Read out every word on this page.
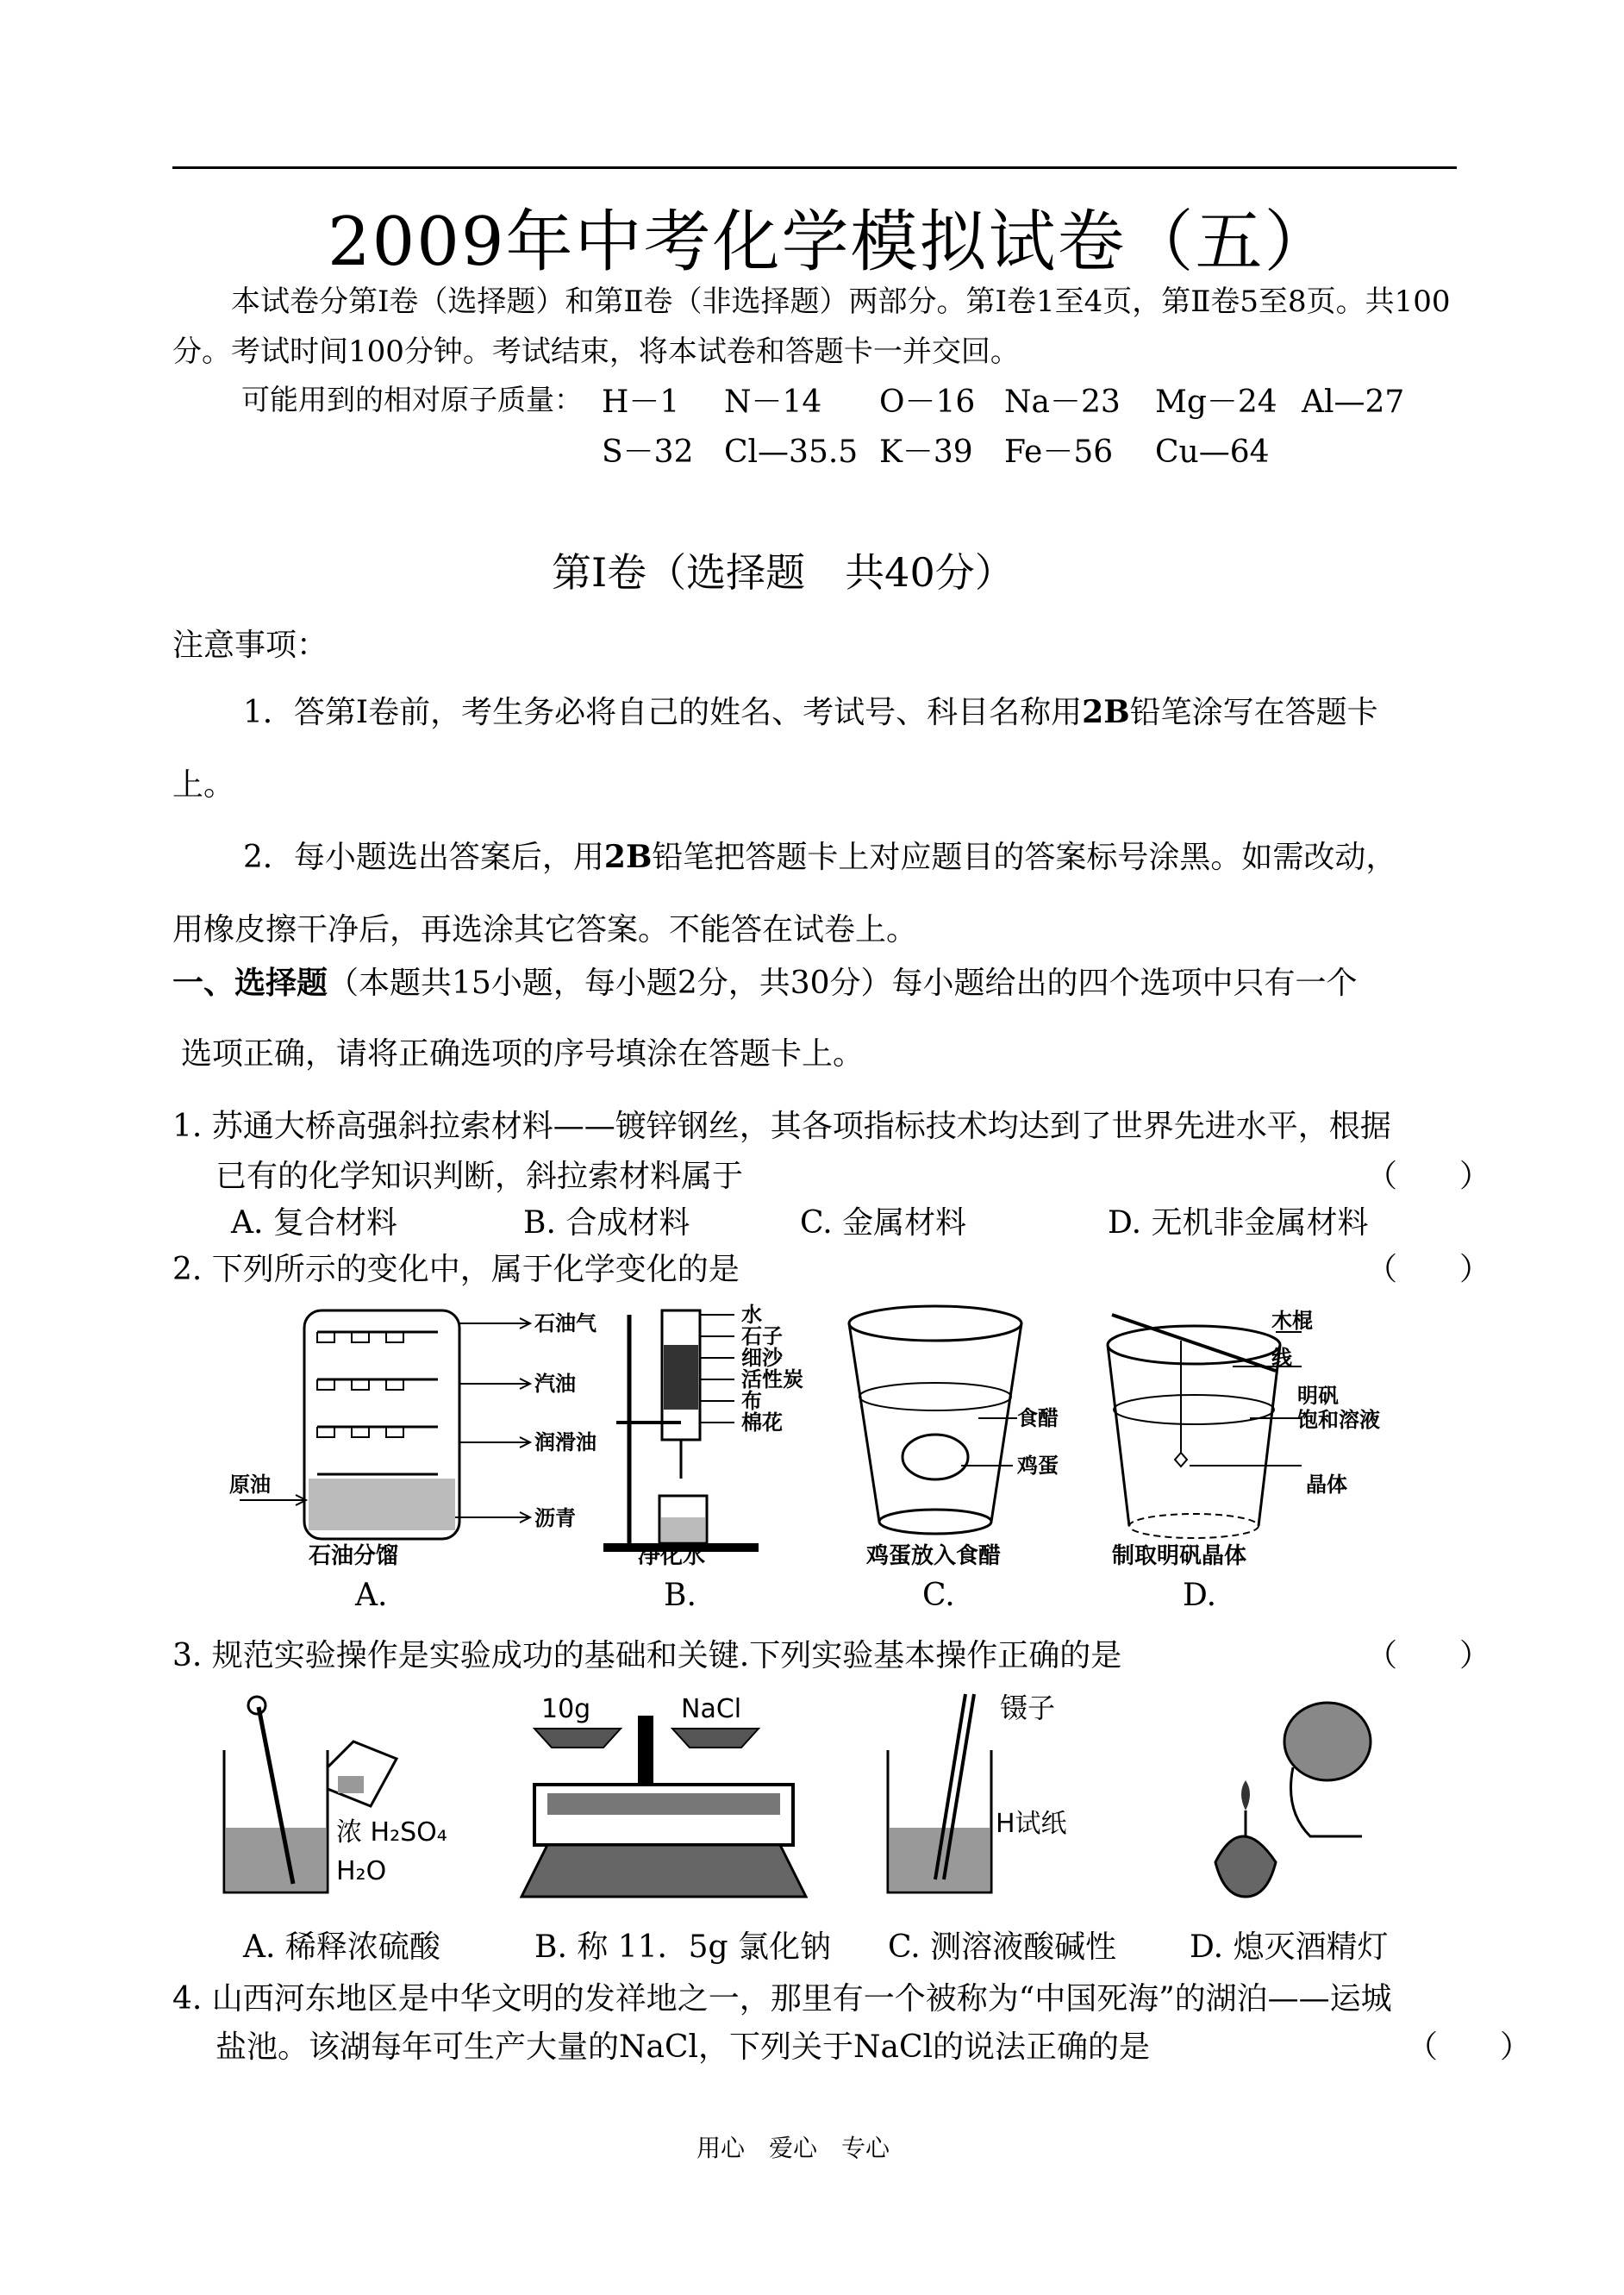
2009年中考化学模拟试卷（五）
本试卷分第Ⅰ卷（选择题）和第Ⅱ卷（非选择题）两部分。第Ⅰ卷1至4页，第Ⅱ卷5至8页。共100
分。考试时间100分钟。考试结束，将本试卷和答题卡一并交回。
可能用到的相对原子质量： H－1 N－14 O－16 Na－23 Mg－24 Al—27
S－32 Cl—35.5 K－39 Fe－56 Cu—64
第Ⅰ卷（选择题　共40分）
注意事项：
1．答第Ⅰ卷前，考生务必将自己的姓名、考试号、科目名称用2B铅笔涂写在答题卡
上。
2．每小题选出答案后，用2B铅笔把答题卡上对应题目的答案标号涂黑。如需改动，
用橡皮擦干净后，再选涂其它答案。不能答在试卷上。
一、选择题（本题共15小题，每小题2分，共30分）每小题给出的四个选项中只有一个
选项正确，请将正确选项的序号填涂在答题卡上。
1. 苏通大桥高强斜拉索材料——镀锌钢丝，其各项指标技术均达到了世界先进水平，根据
已有的化学知识判断，斜拉索材料属于	（　　）
A. 复合材料	B. 合成材料	C. 金属材料	D. 无机非金属材料
2. 下列所示的变化中，属于化学变化的是	（　　）
石油气
汽油
润滑油
沥青
原油
石油分馏
水
石子
细沙
活性炭
布
棉花
净化水
食醋
鸡蛋
鸡蛋放入食醋
木棍
线
明矾
饱和溶液
晶体
制取明矾晶体
A.	B.	C.	D.
3. 规范实验操作是实验成功的基础和关键.下列实验基本操作正确的是	（　　）
浓 H₂SO₄
H₂O
10g	NaCl	镊子
H试纸
A. 稀释浓硫酸	B. 称 11．5g 氯化钠 C. 测溶液酸碱性 D. 熄灭酒精灯
4. 山西河东地区是中华文明的发祥地之一，那里有一个被称为“中国死海”的湖泊——运城
盐池。该湖每年可生产大量的NaCl，下列关于NaCl的说法正确的是	（　　）
用心　爱心　专心
